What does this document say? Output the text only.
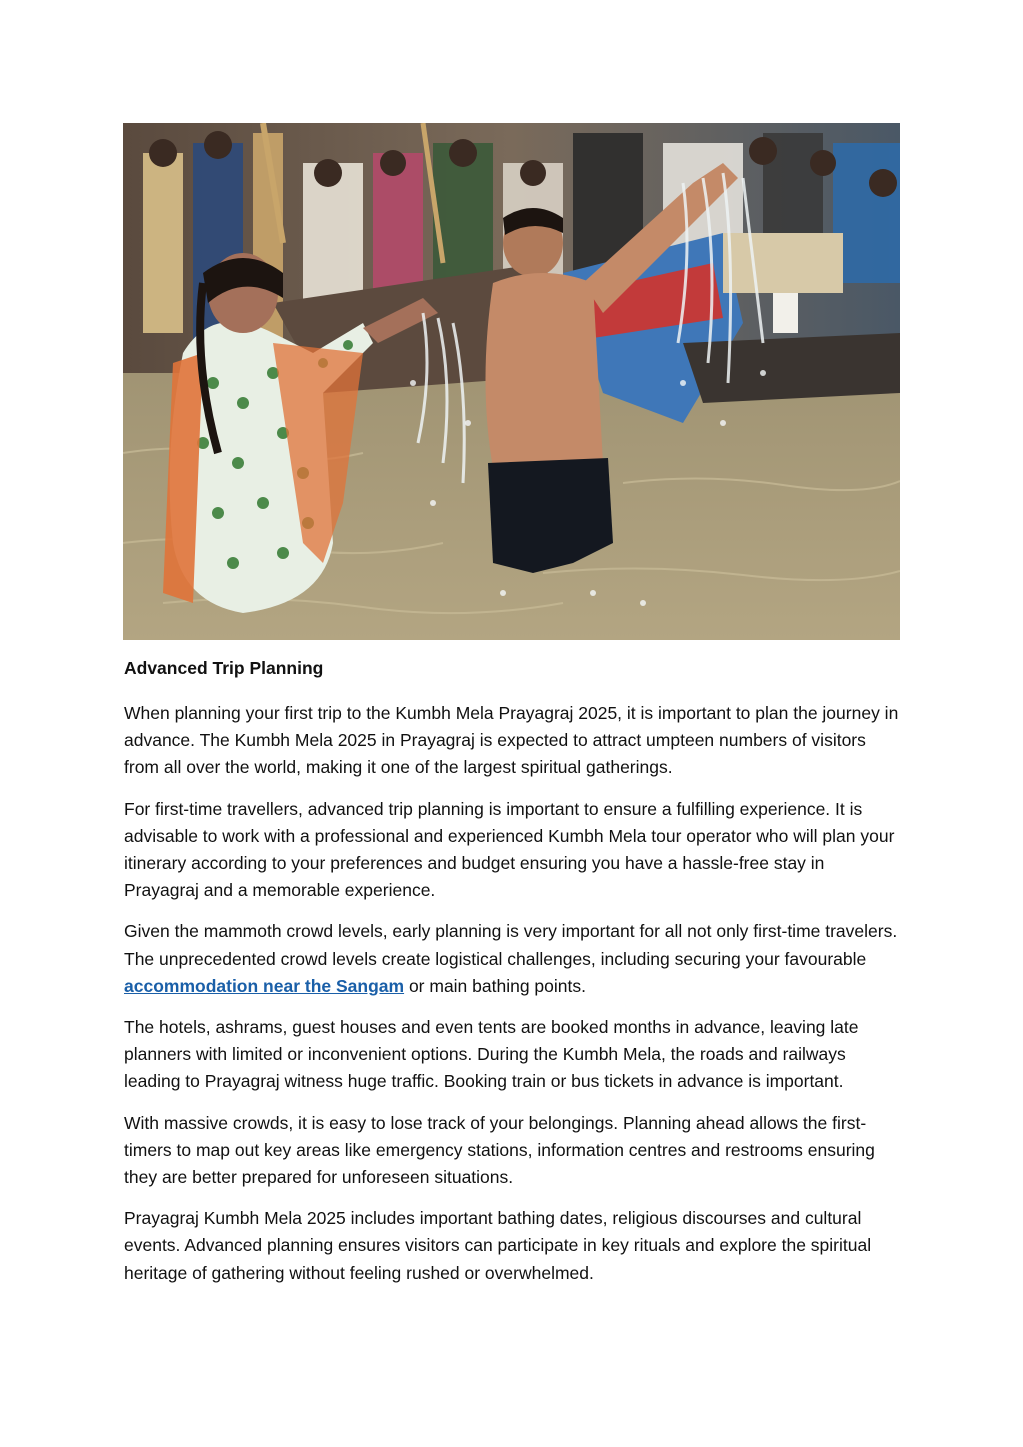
Advanced Trip Planning

When planning your first trip to the Kumbh Mela Prayagraj 2025, it is important to plan the journey in advance. The Kumbh Mela 2025 in Prayagraj is expected to attract umpteen numbers of visitors from all over the world, making it one of the largest spiritual gatherings.

For first-time travellers, advanced trip planning is important to ensure a fulfilling experience. It is advisable to work with a professional and experienced Kumbh Mela tour operator who will plan your itinerary according to your preferences and budget ensuring you have a hassle-free stay in Prayagraj and a memorable experience.

Given the mammoth crowd levels, early planning is very important for all not only first-time travelers. The unprecedented crowd levels create logistical challenges, including securing your favourable accommodation near the Sangam or main bathing points.

The hotels, ashrams, guest houses and even tents are booked months in advance, leaving late planners with limited or inconvenient options. During the Kumbh Mela, the roads and railways leading to Prayagraj witness huge traffic. Booking train or bus tickets in advance is important.

With massive crowds, it is easy to lose track of your belongings. Planning ahead allows the first-timers to map out key areas like emergency stations, information centres and restrooms ensuring they are better prepared for unforeseen situations.

Prayagraj Kumbh Mela 2025 includes important bathing dates, religious discourses and cultural events. Advanced planning ensures visitors can participate in key rituals and explore the spiritual heritage of gathering without feeling rushed or overwhelmed.
